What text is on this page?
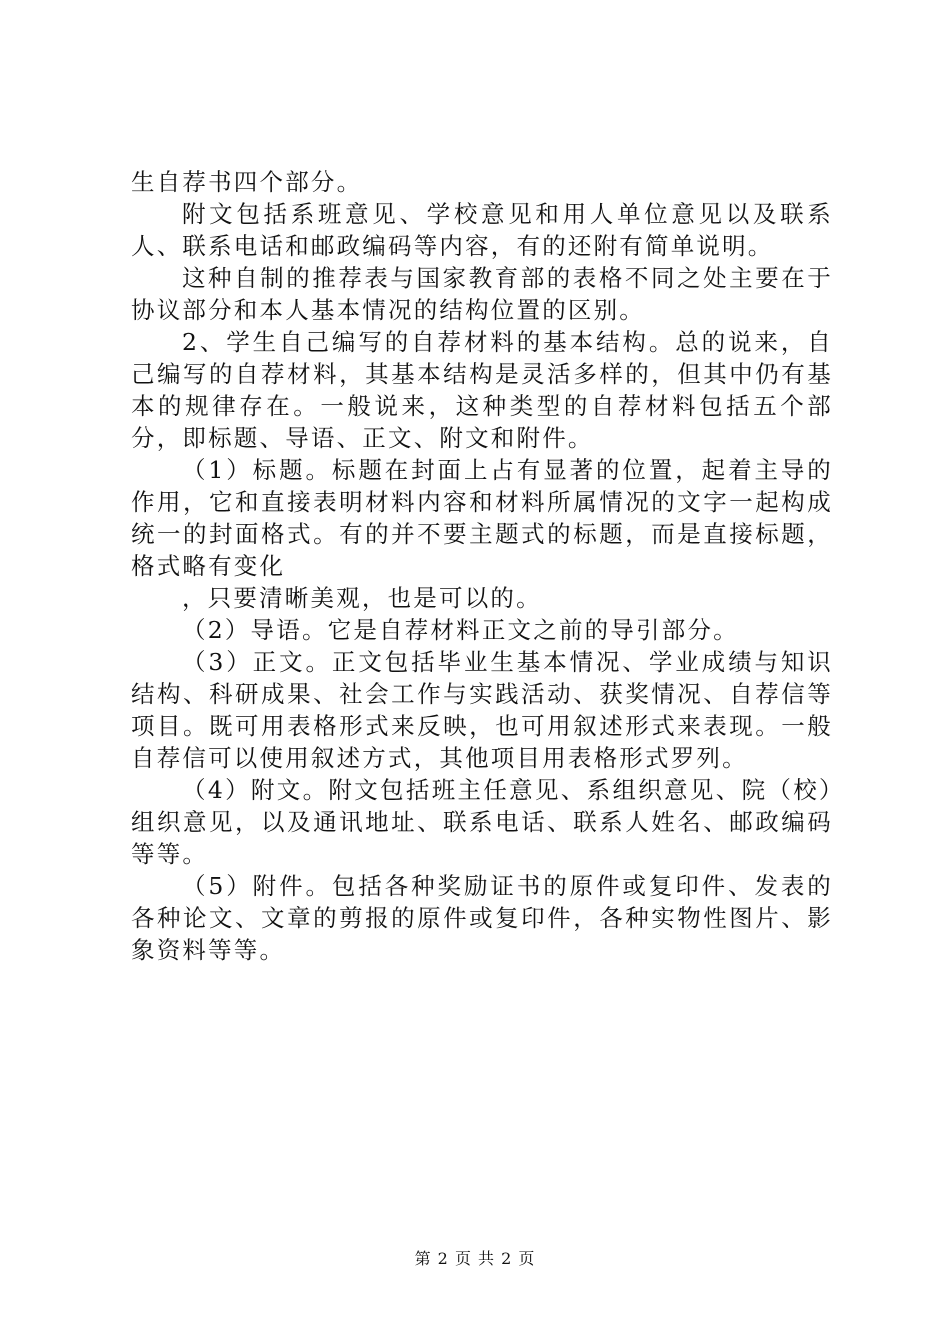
生自荐书四个部分。

附文包括系班意见、学校意见和用人单位意见以及联系人、联系电话和邮政编码等内容，有的还附有简单说明。

这种自制的推荐表与国家教育部的表格不同之处主要在于协议部分和本人基本情况的结构位置的区别。

2、学生自己编写的自荐材料的基本结构。总的说来，自己编写的自荐材料，其基本结构是灵活多样的，但其中仍有基本的规律存在。一般说来，这种类型的自荐材料包括五个部分，即标题、导语、正文、附文和附件。

（1）标题。标题在封面上占有显著的位置，起着主导的作用，它和直接表明材料内容和材料所属情况的文字一起构成统一的封面格式。有的并不要主题式的标题，而是直接标题，格式略有变化

，只要清晰美观，也是可以的。

（2）导语。它是自荐材料正文之前的导引部分。

（3）正文。正文包括毕业生基本情况、学业成绩与知识结构、科研成果、社会工作与实践活动、获奖情况、自荐信等项目。既可用表格形式来反映，也可用叙述形式来表现。一般自荐信可以使用叙述方式，其他项目用表格形式罗列。

（4）附文。附文包括班主任意见、系组织意见、院（校）组织意见，以及通讯地址、联系电话、联系人姓名、邮政编码等等。

（5）附件。包括各种奖励证书的原件或复印件、发表的各种论文、文章的剪报的原件或复印件，各种实物性图片、影象资料等等。

第 2 页 共 2 页
